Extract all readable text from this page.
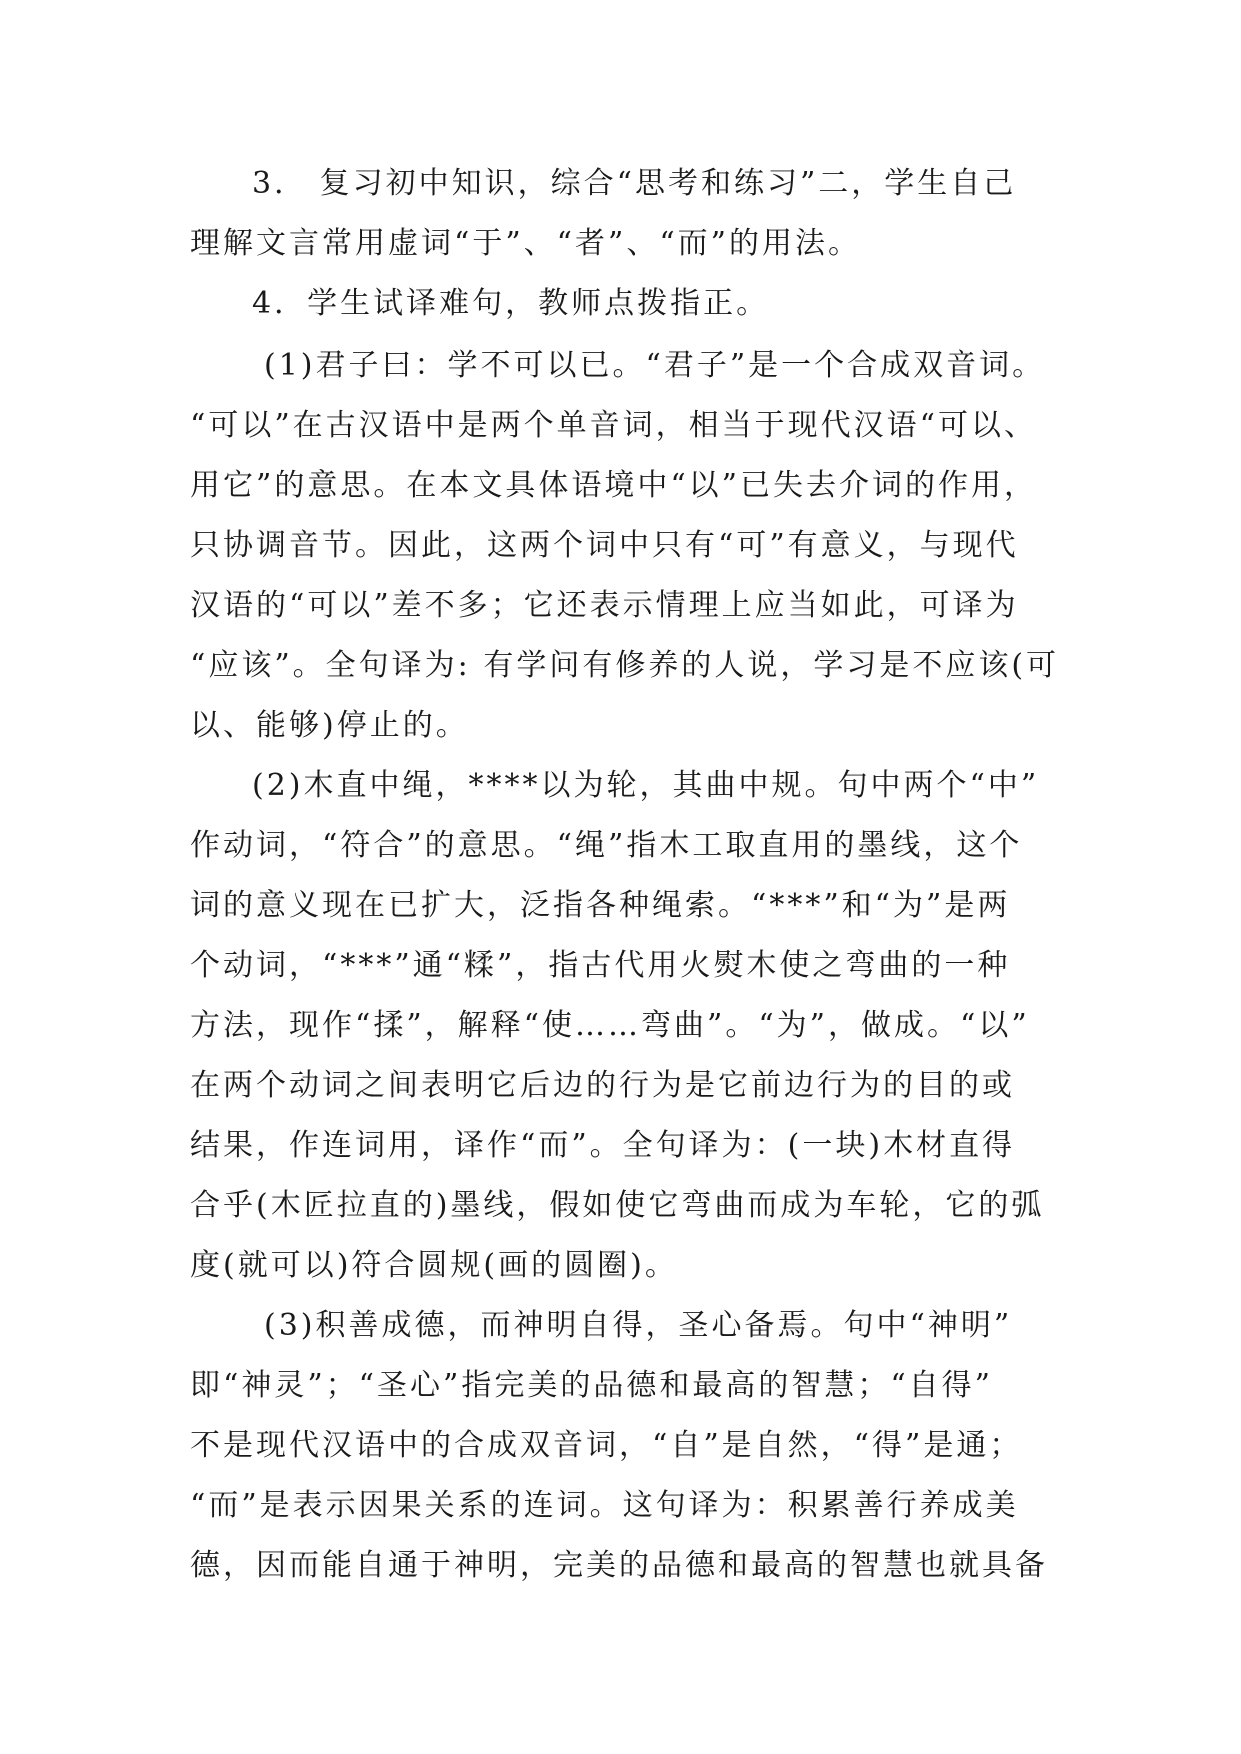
3． 复习初中知识，综合“思考和练习”二，学生自己
理解文言常用虚词“于”、“者”、“而”的用法。
4．学生试译难句，教师点拨指正。
(1)君子曰：学不可以已。“君子”是一个合成双音词。
“可以”在古汉语中是两个单音词，相当于现代汉语“可以、
用它”的意思。在本文具体语境中“以”已失去介词的作用，
只协调音节。因此，这两个词中只有“可”有意义，与现代
汉语的“可以”差不多；它还表示情理上应当如此，可译为
“应该”。全句译为: 有学问有修养的人说，学习是不应该(可
以、能够)停止的。
(2)木直中绳，****以为轮，其曲中规。句中两个“中”
作动词，“符合”的意思。“绳”指木工取直用的墨线，这个
词的意义现在已扩大，泛指各种绳索。“***”和“为”是两
个动词，“***”通“糅”，指古代用火熨木使之弯曲的一种
方法，现作“揉”，解释“使……弯曲”。“为”，做成。“以”
在两个动词之间表明它后边的行为是它前边行为的目的或
结果，作连词用，译作“而”。全句译为：(一块)木材直得
合乎(木匠拉直的)墨线，假如使它弯曲而成为车轮，它的弧
度(就可以)符合圆规(画的圆圈)。
(3)积善成德，而神明自得，圣心备焉。句中“神明”
即“神灵”；“圣心”指完美的品德和最高的智慧；“自得”
不是现代汉语中的合成双音词，“自”是自然，“得”是通；
“而”是表示因果关系的连词。这句译为：积累善行养成美
德，因而能自通于神明，完美的品德和最高的智慧也就具备
